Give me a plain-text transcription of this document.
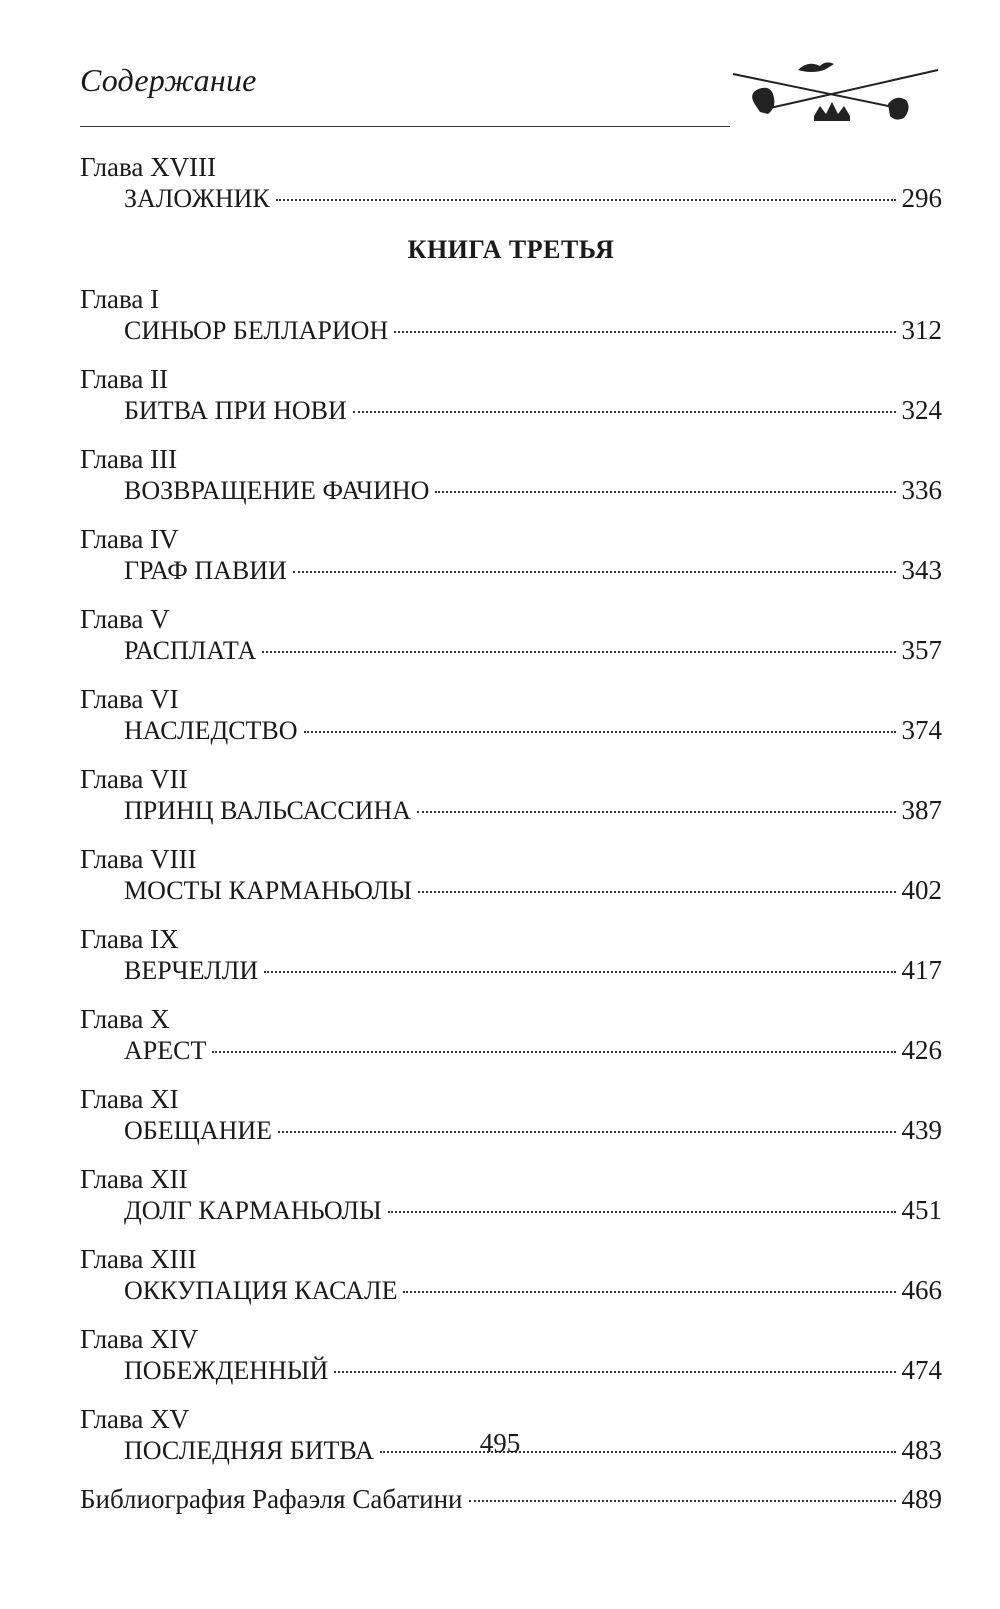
Содержание
Глава XVIII
ЗАЛОЖНИК	296
КНИГА ТРЕТЬЯ
Глава I
СИНЬОР БЕЛЛАРИОН	312
Глава II
БИТВА ПРИ НОВИ	324
Глава III
ВОЗВРАЩЕНИЕ ФАЧИНО	336
Глава IV
ГРАФ ПАВИИ	343
Глава V
РАСПЛАТА	357
Глава VI
НАСЛЕДСТВО	374
Глава VII
ПРИНЦ ВАЛЬСАССИНА	387
Глава VIII
МОСТЫ КАРМАНЬОЛЫ	402
Глава IX
ВЕРЧЕЛЛИ	417
Глава X
АРЕСТ	426
Глава XI
ОБЕЩАНИЕ	439
Глава XII
ДОЛГ КАРМАНЬОЛЫ	451
Глава XIII
ОККУПАЦИЯ КАСАЛЕ	466
Глава XIV
ПОБЕЖДЕННЫЙ	474
Глава XV
ПОСЛЕДНЯЯ БИТВА	483
Библиография Рафаэля Сабатини	489
495
